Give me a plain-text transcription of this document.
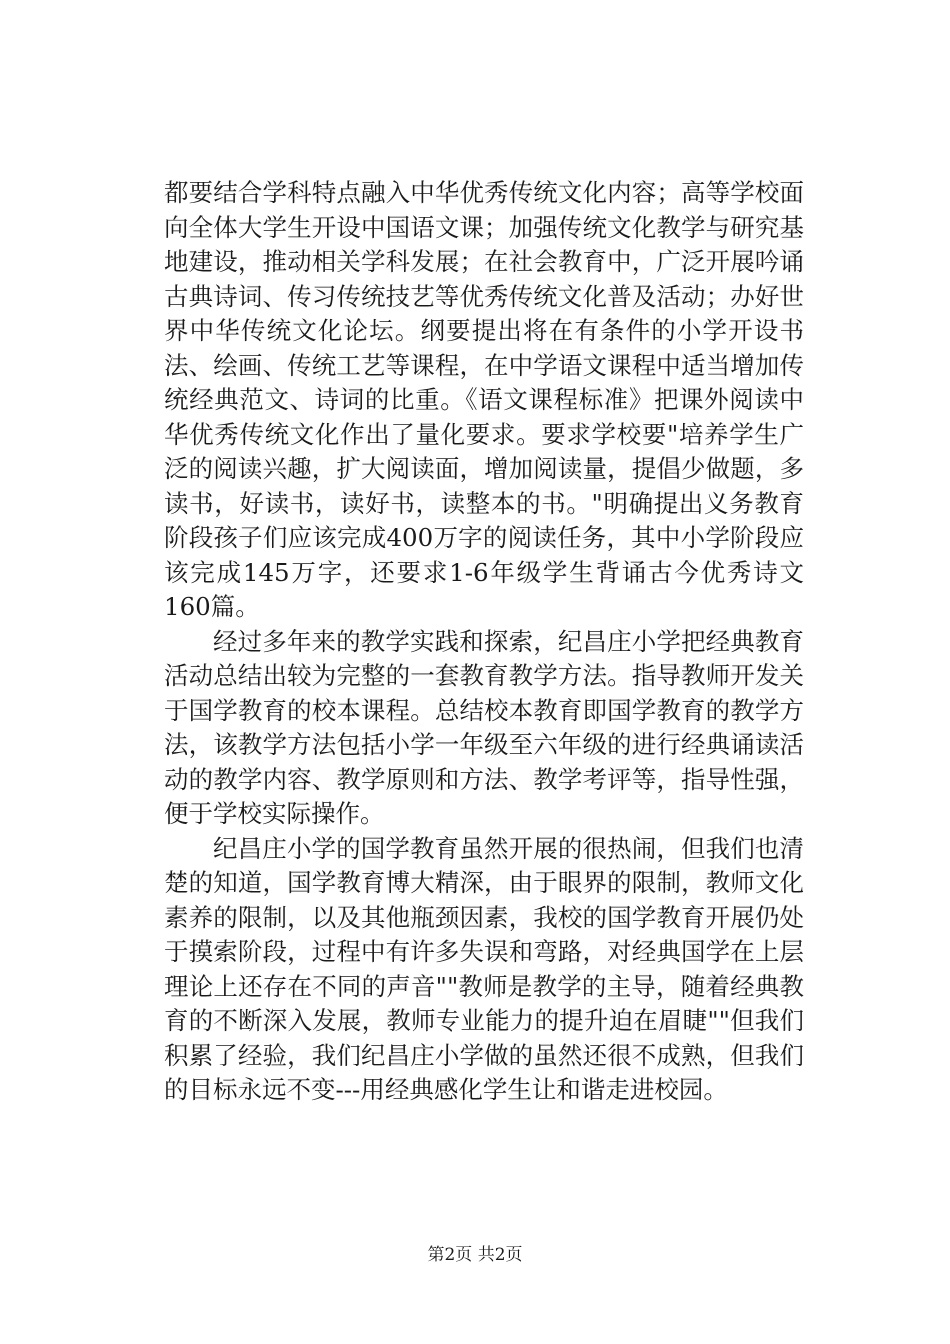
都要结合学科特点融入中华优秀传统文化内容；高等学校面向全体大学生开设中国语文课；加强传统文化教学与研究基地建设，推动相关学科发展；在社会教育中，广泛开展吟诵古典诗词、传习传统技艺等优秀传统文化普及活动；办好世界中华传统文化论坛。纲要提出将在有条件的小学开设书法、绘画、传统工艺等课程，在中学语文课程中适当增加传统经典范文、诗词的比重。《语文课程标准》把课外阅读中华优秀传统文化作出了量化要求。要求学校要"培养学生广泛的阅读兴趣，扩大阅读面，增加阅读量，提倡少做题，多读书，好读书，读好书，读整本的书。"明确提出义务教育阶段孩子们应该完成400万字的阅读任务，其中小学阶段应该完成145万字，还要求1-6年级学生背诵古今优秀诗文160篇。

经过多年来的教学实践和探索，纪昌庄小学把经典教育活动总结出较为完整的一套教育教学方法。指导教师开发关于国学教育的校本课程。总结校本教育即国学教育的教学方法，该教学方法包括小学一年级至六年级的进行经典诵读活动的教学内容、教学原则和方法、教学考评等，指导性强，便于学校实际操作。

纪昌庄小学的国学教育虽然开展的很热闹，但我们也清楚的知道，国学教育博大精深，由于眼界的限制，教师文化素养的限制，以及其他瓶颈因素，我校的国学教育开展仍处于摸索阶段，过程中有许多失误和弯路，对经典国学在上层理论上还存在不同的声音""教师是教学的主导，随着经典教育的不断深入发展，教师专业能力的提升迫在眉睫""但我们积累了经验，我们纪昌庄小学做的虽然还很不成熟，但我们的目标永远不变---用经典感化学生让和谐走进校园。

第2页 共2页
